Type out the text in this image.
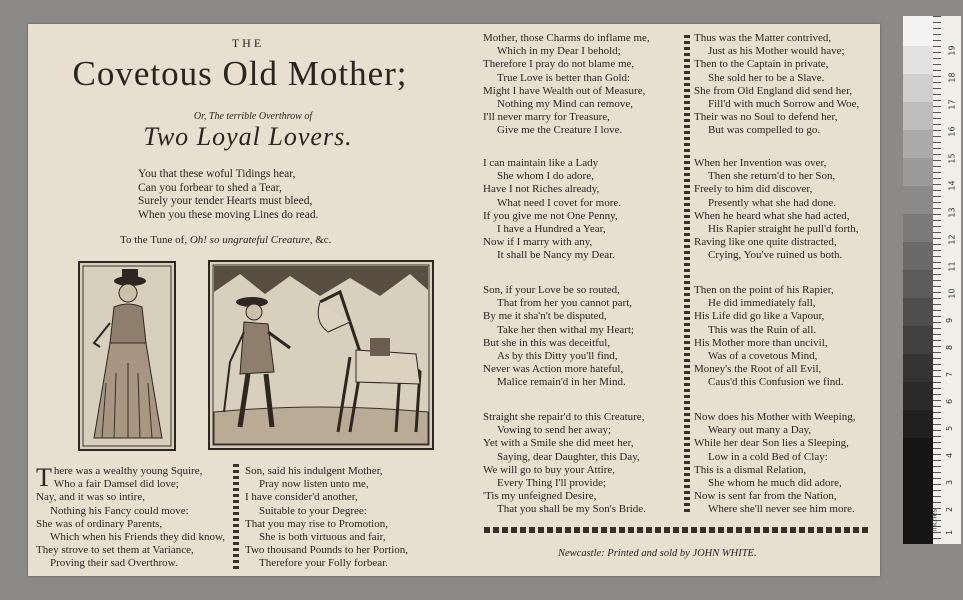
THE
Covetous Old Mother;
Or, The terrible Overthrow of
Two Loyal Lovers.
You that these woful Tidings hear,
Can you forbear to shed a Tear,
Surely your tender Hearts must bleed,
When you these moving Lines do read.
To the Tune of, Oh! so ungrateful Creature, &c.
There was a wealthy young Squire,
Who a fair Damsel did love;
Nay, and it was so intire,
Nothing his Fancy could move:
She was of ordinary Parents,
Which when his Friends they did know,
They strove to set them at Variance,
Proving their sad Overthrow.
Son, said his indulgent Mother,
Pray now listen unto me,
I have consider'd another,
Suitable to your Degree:
That you may rise to Promotion,
She is both virtuous and fair,
Two thousand Pounds to her Portion,
Therefore your Folly forbear.
Mother, those Charms do inflame me,
Which in my Dear I behold;
Therefore I pray do not blame me,
True Love is better than Gold:
Might I have Wealth out of Measure,
Nothing my Mind can remove,
I'll never marry for Treasure,
Give me the Creature I love.
I can maintain like a Lady
She whom I do adore,
Have I not Riches already,
What need I covet for more.
If you give me not One Penny,
I have a Hundred a Year,
Now if I marry with any,
It shall be Nancy my Dear.
Son, if your Love be so routed,
That from her you cannot part,
By me it sha'n't be disputed,
Take her then withal my Heart;
But she in this was deceitful,
As by this Ditty you'll find,
Never was Action more hateful,
Malice remain'd in her Mind.
Straight she repair'd to this Creature,
Vowing to send her away;
Yet with a Smile she did meet her,
Saying, dear Daughter, this Day,
We will go to buy your Attire,
Every Thing I'll provide;
'Tis my unfeigned Desire,
That you shall be my Son's Bride.
Thus was the Matter contrived,
Just as his Mother would have;
Then to the Captain in private,
She sold her to be a Slave.
She from Old England did send her,
Fill'd with much Sorrow and Woe,
Their was no Soul to defend her,
But was compelled to go.
When her Invention was over,
Then she return'd to her Son,
Freely to him did discover,
Presently what she had done.
When he heard what she had acted,
His Rapier straight he pull'd forth,
Raving like one quite distracted,
Crying, You've ruined us both.
Then on the point of his Rapier,
He did immediately fall,
His Life did go like a Vapour,
This was the Ruin of all.
His Mother more than uncivil,
Was of a covetous Mind,
Money's the Root of all Evil,
Caus'd this Confusion we find.
Now does his Mother with Weeping,
Weary out many a Day,
While her dear Son lies a Sleeping,
Low in a cold Bed of Clay:
This is a dismal Relation,
She whom he much did adore,
Now is sent far from the Nation,
Where she'll never see him more.
Newcastle: Printed and sold by JOHN WHITE.
19
18
17
16
15
14
13
12
11
10
9
8
7
6
5
4
3
2
1
inches
